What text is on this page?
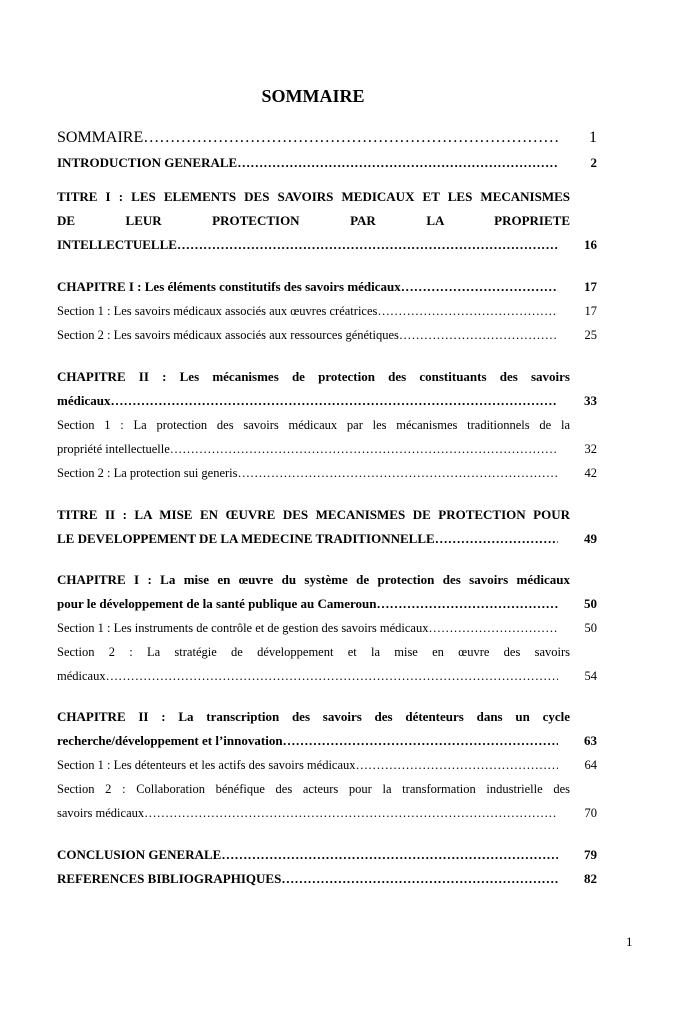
SOMMAIRE
SOMMAIRE ………………………………………………………………………………………………………………………………………………………………………………	1
INTRODUCTION GENERALE ………………………………………………………………………………………………………………………………………………………………………………	2
TITRE I : LES ELEMENTS DES SAVOIRS MEDICAUX ET LES MECANISMES
DE LEUR PROTECTION PAR LA PROPRIETE
INTELLECTUELLE ………………………………………………………………………………………………………………………………………………………………………………	16
CHAPITRE I : Les éléments constitutifs des savoirs médicaux ………………………………………………………………………………………………………………………………………………………………………………	17
Section 1 : Les savoirs médicaux associés aux œuvres créatrices ………………………………………………………………………………………………………………………………………………………………………………	17
Section 2 : Les savoirs médicaux associés aux ressources génétiques ………………………………………………………………………………………………………………………………………………………………………………	25
CHAPITRE II : Les mécanismes de protection des constituants des savoirs
médicaux ………………………………………………………………………………………………………………………………………………………………………………	33
Section 1 : La protection des savoirs médicaux par les mécanismes traditionnels de la
propriété intellectuelle ………………………………………………………………………………………………………………………………………………………………………………	32
Section 2 : La protection sui generis ………………………………………………………………………………………………………………………………………………………………………………	42
TITRE II : LA MISE EN ŒUVRE DES MECANISMES DE PROTECTION POUR
LE DEVELOPPEMENT DE LA MEDECINE TRADITIONNELLE ………………………………………………………………………………………………………………………………………………………………………………	49
CHAPITRE I : La mise en œuvre du système de protection des savoirs médicaux
pour le développement de la santé publique au Cameroun ………………………………………………………………………………………………………………………………………………………………………………	50
Section 1 : Les instruments de contrôle et de gestion des savoirs médicaux ………………………………………………………………………………………………………………………………………………………………………………	50
Section 2 : La stratégie de développement et la mise en œuvre des savoirs
médicaux ………………………………………………………………………………………………………………………………………………………………………………	54
CHAPITRE II : La transcription des savoirs des détenteurs dans un cycle
recherche/développement et l’innovation ………………………………………………………………………………………………………………………………………………………………………………	63
Section 1 : Les détenteurs et les actifs des savoirs médicaux ………………………………………………………………………………………………………………………………………………………………………………	64
Section 2 : Collaboration bénéfique des acteurs pour la transformation industrielle des
savoirs médicaux ………………………………………………………………………………………………………………………………………………………………………………	70
CONCLUSION GENERALE ………………………………………………………………………………………………………………………………………………………………………………	79
REFERENCES BIBLIOGRAPHIQUES ………………………………………………………………………………………………………………………………………………………………………………	82
1
